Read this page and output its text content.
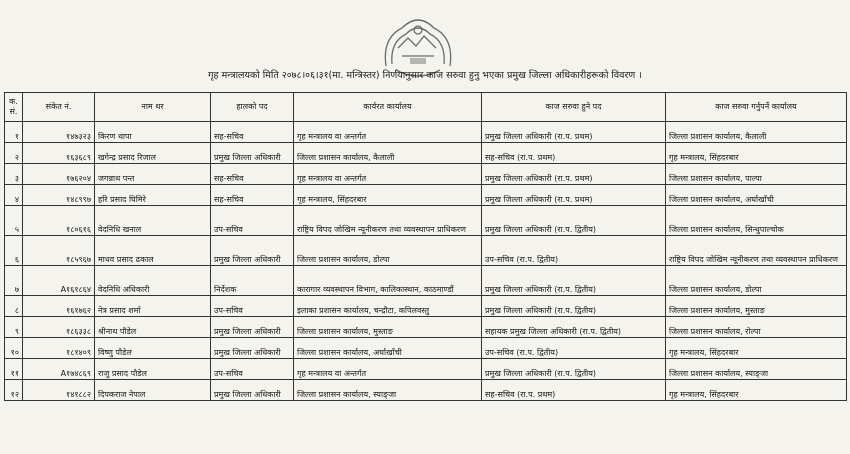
गृह मन्त्रालयको मिति २०७८।०६।३१(मा. मन्त्रिस्तर) निर्णयानुसार काज सरुवा हुनु भएका प्रमुख जिल्ला अधिकारीहरूको विवरण ।
क. सं.	संकेत नं.	नाम थर	हालको पद	कार्यरत कार्यालय	काज सरुवा हुने पद	काज सरुवा गर्नुपर्ने कार्यालय
१	१४७३२३	किरण थापा	सह-सचिव	गृह मन्त्रालय वा अन्तर्गत	प्रमुख जिल्ला अधिकारी (रा.प. प्रथम)	जिल्ला प्रशासन कार्यालय, कैलाली
२	१६३६८९	खगेन्द्र प्रसाद रिजाल	प्रमुख जिल्ला अधिकारी	जिल्ला प्रशासन कार्यालय, कैलाली	सह-सचिव (रा.प. प्रथम)	गृह मन्त्रालय, सिंहदरबार
३	१७६२०४	जगन्नाथ पन्त	सह-सचिव	गृह मन्त्रालय वा अन्तर्गत	प्रमुख जिल्ला अधिकारी (रा.प. प्रथम)	जिल्ला प्रशासन कार्यालय, पाल्पा
४	१४८९९७	हरि प्रसाद घिमिरे	सह-सचिव	गृह मन्त्रालय, सिंहदरबार	प्रमुख जिल्ला अधिकारी (रा.प. प्रथम)	जिल्ला प्रशासन कार्यालय, अर्घाखाँची
५	१८०६१६	वेदनिधि खनाल	उप-सचिव	राष्ट्रिय विपद जोखिम न्यूनीकरण तथा व्यवस्थापन प्राधिकरण	प्रमुख जिल्ला अधिकारी (रा.प. द्वितीय)	जिल्ला प्रशासन कार्यालय, सिन्धुपाल्चोक
६	१८५९६७	माधव प्रसाद ढकाल	प्रमुख जिल्ला अधिकारी	जिल्ला प्रशासन कार्यालय, डोल्पा	उप-सचिव (रा.प. द्वितीय)	राष्ट्रिय विपद जोखिम न्यूनीकरण तथा व्यवस्थापन प्राधिकरण
७	A१६१८६४	वेदनिधि अधिकारी	निर्देशक	कारागार व्यवस्थापन विभाग, कालिकास्थान, काठमाण्डौं	प्रमुख जिल्ला अधिकारी (रा.प. द्वितीय)	जिल्ला प्रशासन कार्यालय, डोल्पा
८	१६१७६२	नेत्र प्रसाद शर्मा	उप-सचिव	इलाका प्रशासन कार्यालय, चन्द्रौटा, कपिलवस्तु	प्रमुख जिल्ला अधिकारी (रा.प. द्वितीय)	जिल्ला प्रशासन कार्यालय, मुस्ताङ
९	१८६३३८	श्रीनाथ पौडेल	प्रमुख जिल्ला अधिकारी	जिल्ला प्रशासन कार्यालय, मुस्ताङ	सहायक प्रमुख जिल्ला अधिकारी (रा.प. द्वितीय)	जिल्ला प्रशासन कार्यालय, रोल्पा
१०	१८१४०९	विष्णु पौडेल	प्रमुख जिल्ला अधिकारी	जिल्ला प्रशासन कार्यालय, अर्घाखाँची	उप-सचिव (रा.प. द्वितीय)	गृह मन्त्रालय, सिंहदरबार
११	A१७४८६९	राजु प्रसाद पौडेल	उप-सचिव	गृह मन्त्रालय वा अन्तर्गत	प्रमुख जिल्ला अधिकारी (रा.प. द्वितीय)	जिल्ला प्रशासन कार्यालय, स्याङ्जा
१२	१४१८८२	दिपकराज नेपाल	प्रमुख जिल्ला अधिकारी	जिल्ला प्रशासन कार्यालय, स्याङ्जा	सह-सचिव (रा.प. प्रथम)	गृह मन्त्रालय, सिंहदरबार
